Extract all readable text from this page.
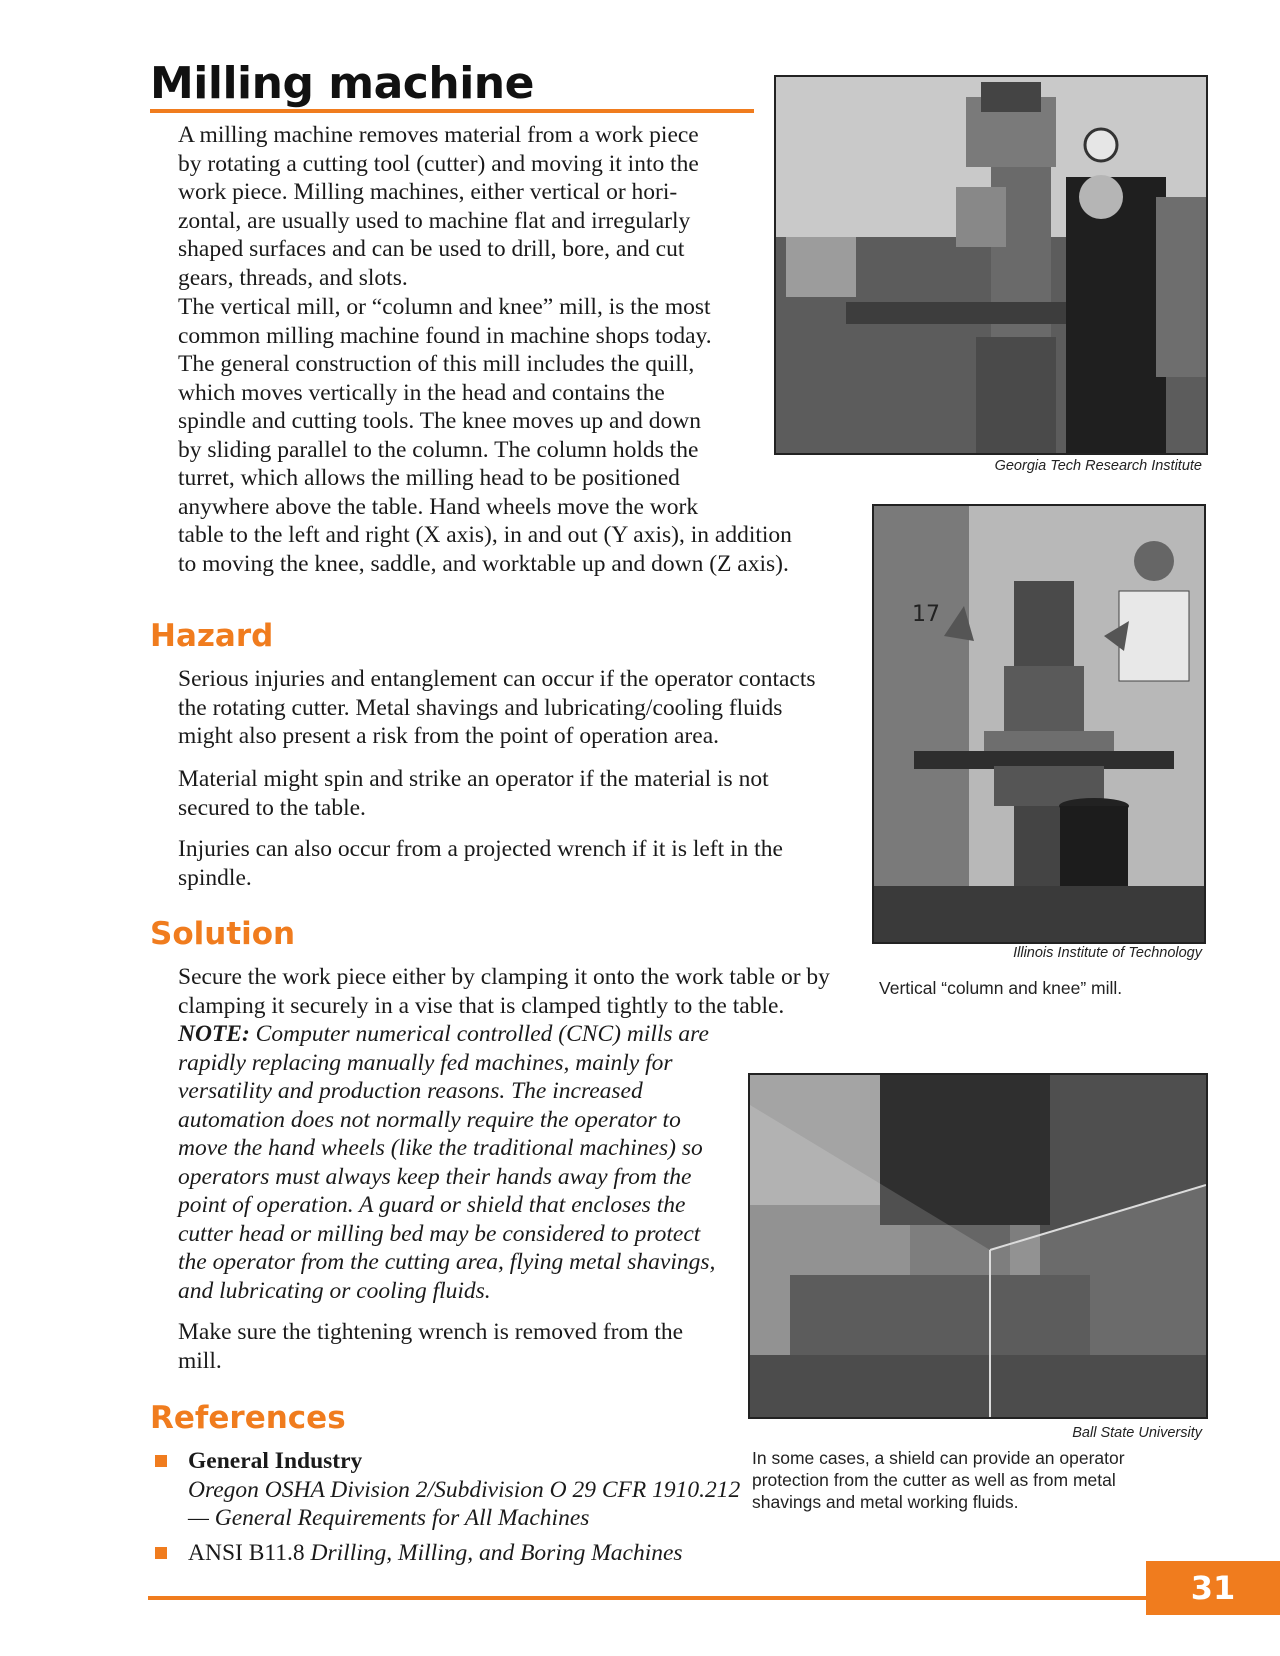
Milling machine

A milling machine removes material from a work piece by rotating a cutting tool (cutter) and moving it into the work piece. Milling machines, either vertical or horizontal, are usually used to machine flat and irregularly shaped surfaces and can be used to drill, bore, and cut gears, threads, and slots.

The vertical mill, or “column and knee” mill, is the most common milling machine found in machine shops today. The general construction of this mill includes the quill, which moves vertically in the head and contains the spindle and cutting tools. The knee moves up and down by sliding parallel to the column. The column holds the turret, which allows the milling head to be positioned anywhere above the table. Hand wheels move the work table to the left and right (X axis), in and out (Y axis), in addition to moving the knee, saddle, and worktable up and down (Z axis).

Hazard

Serious injuries and entanglement can occur if the operator contacts the rotating cutter. Metal shavings and lubricating/cooling fluids might also present a risk from the point of operation area.

Material might spin and strike an operator if the material is not secured to the table.

Injuries can also occur from a projected wrench if it is left in the spindle.

Solution

Secure the work piece either by clamping it onto the work table or by clamping it securely in a vise that is clamped tightly to the table.

NOTE: Computer numerical controlled (CNC) mills are rapidly replacing manually fed machines, mainly for versatility and production reasons. The increased automation does not normally require the operator to move the hand wheels (like the traditional machines) so operators must always keep their hands away from the point of operation. A guard or shield that encloses the cutter head or milling bed may be considered to protect the operator from the cutting area, flying metal shavings, and lubricating or cooling fluids.

Make sure the tightening wrench is removed from the mill.

References
General Industry
Oregon OSHA Division 2/Subdivision O 29 CFR 1910.212 — General Requirements for All Machines
ANSI B11.8 Drilling, Milling, and Boring Machines

Georgia Tech Research Institute

17

Illinois Institute of Technology

Vertical “column and knee” mill.

Ball State University

In some cases, a shield can provide an operator protection from the cutter as well as from metal shavings and metal working fluids.

31
